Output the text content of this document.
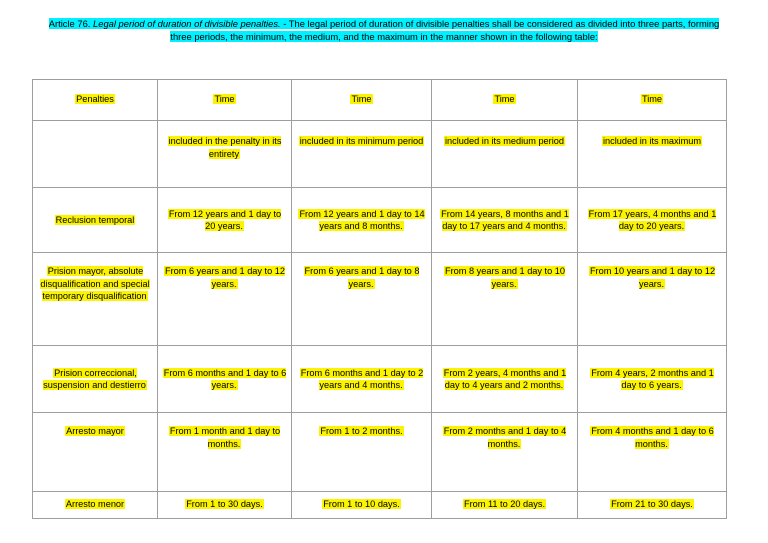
Article 76. Legal period of duration of divisible penalties. - The legal period of duration of divisible penalties shall be considered as divided into three parts, forming three periods, the minimum, the medium, and the maximum in the manner shown in the following table:
Penalties	Time	Time	Time	Time
	included in the penalty in its entirety	included in its minimum period	included in its medium period	included in its maximum
Reclusion temporal	From 12 years and 1 day to 20 years.	From 12 years and 1 day to 14 years and 8 months.	From 14 years, 8 months and 1 day to 17 years and 4 months.	From 17 years, 4 months and 1 day to 20 years.
Prision mayor, absolute disqualification and special temporary disqualification	From 6 years and 1 day to 12 years.	From 6 years and 1 day to 8 years.	From 8 years and 1 day to 10 years.	From 10 years and 1 day to 12 years.
Prision correccional, suspension and destierro	From 6 months and 1 day to 6 years.	From 6 months and 1 day to 2 years and 4 months.	From 2 years, 4 months and 1 day to 4 years and 2 months.	From 4 years, 2 months and 1 day to 6 years.
Arresto mayor	From 1 month and 1 day to months.	From 1 to 2 months.	From 2 months and 1 day to 4 months.	From 4 months and 1 day to 6 months.
Arresto menor	From 1 to 30 days.	From 1 to 10 days.	From 11 to 20 days.	From 21 to 30 days.
